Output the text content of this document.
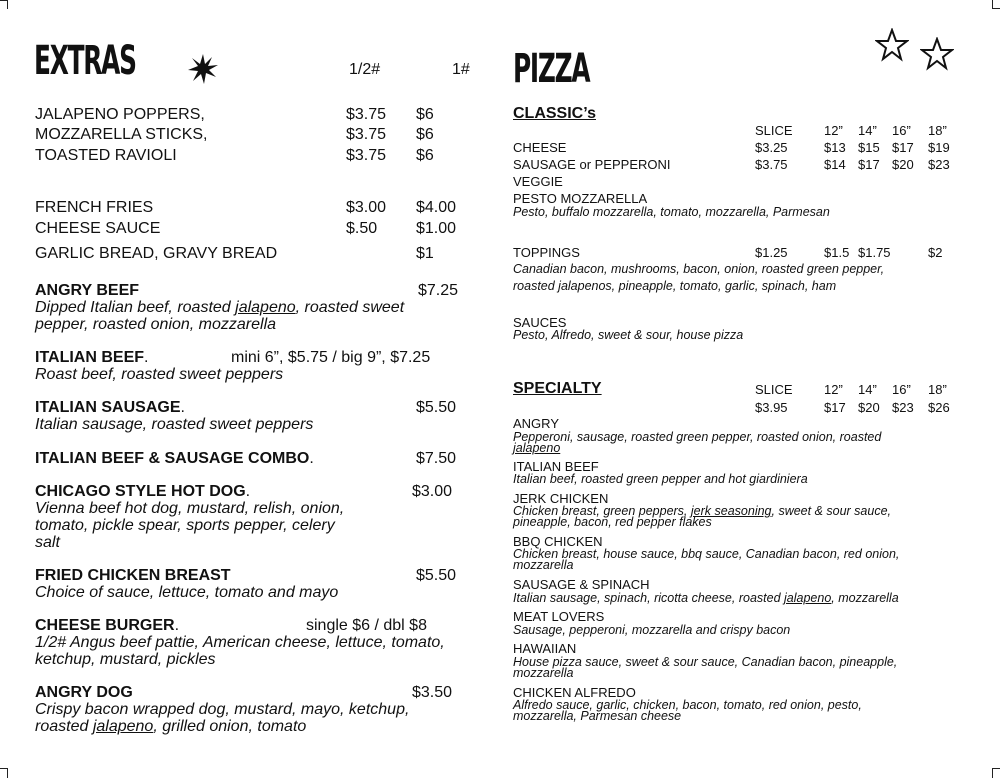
EXTRAS	1/2#	1#
JALAPENO POPPERS,	$3.75 $6
MOZZARELLA STICKS,	$3.75 $6
TOASTED RAVIOLI	$3.75 $6
FRENCH FRIES	$3.00 $4.00
CHEESE SAUCE	$.50 $1.00
GARLIC BREAD, GRAVY BREAD	$1
ANGRY BEEF	$7.25
Dipped Italian beef, roasted jalapeno, roasted sweet
pepper, roasted onion, mozzarella
ITALIAN BEEF.	mini 6”, $5.75 / big 9”, $7.25
Roast beef, roasted sweet peppers
ITALIAN SAUSAGE.	$5.50
Italian sausage, roasted sweet peppers
ITALIAN BEEF & SAUSAGE COMBO.	$7.50
CHICAGO STYLE HOT DOG.	$3.00
Vienna beef hot dog, mustard, relish, onion,
tomato, pickle spear, sports pepper, celery
salt
FRIED CHICKEN BREAST	$5.50
Choice of sauce, lettuce, tomato and mayo
CHEESE BURGER.	single $6 / dbl $8
1/2# Angus beef pattie, American cheese, lettuce, tomato,
ketchup, mustard, pickles
ANGRY DOG	$3.50
Crispy bacon wrapped dog, mustard, mayo, ketchup,
roasted jalapeno, grilled onion, tomato
PIZZA
CLASSIC’s
SLICE 12” 14” 16” 18”
CHEESE	$3.25	$13 $15 $17 $19
SAUSAGE or PEPPERONI	$3.75	$14 $17 $20 $23
VEGGIE
PESTO MOZZARELLA
Pesto, buffalo mozzarella, tomato, mozzarella, Parmesan
TOPPINGS	$1.25	$1.5 $1.75	$2
Canadian bacon, mushrooms, bacon, onion, roasted green pepper,
roasted jalapenos, pineapple, tomato, garlic, spinach, ham
SAUCES
Pesto, Alfredo, sweet & sour, house pizza
SPECIALTY	SLICE 12” 14” 16” 18”
$3.95	$17 $20 $23 $26
ANGRY
Pepperoni, sausage, roasted green pepper, roasted onion, roasted
jalapeno
ITALIAN BEEF
Italian beef, roasted green pepper and hot giardiniera
JERK CHICKEN
Chicken breast, green peppers, jerk seasoning, sweet & sour sauce,
pineapple, bacon, red pepper flakes
BBQ CHICKEN
Chicken breast, house sauce, bbq sauce, Canadian bacon, red onion,
mozzarella
SAUSAGE & SPINACH
Italian sausage, spinach, ricotta cheese, roasted jalapeno, mozzarella
MEAT LOVERS
Sausage, pepperoni, mozzarella and crispy bacon
HAWAIIAN
House pizza sauce, sweet & sour sauce, Canadian bacon, pineapple,
mozzarella
CHICKEN ALFREDO
Alfredo sauce, garlic, chicken, bacon, tomato, red onion, pesto,
mozzarella, Parmesan cheese
